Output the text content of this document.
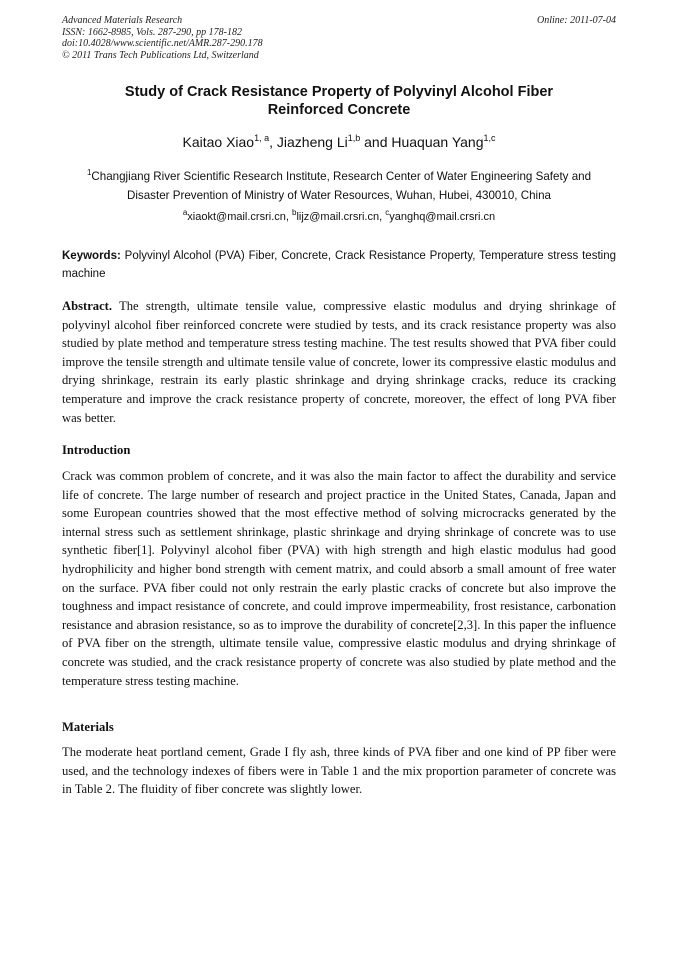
Advanced Materials Research
ISSN: 1662-8985, Vols. 287-290, pp 178-182
doi:10.4028/www.scientific.net/AMR.287-290.178
© 2011 Trans Tech Publications Ltd, Switzerland
Online: 2011-07-04
Study of Crack Resistance Property of Polyvinyl Alcohol Fiber
Reinforced Concrete
Kaitao Xiao$^{1, a}$, Jiazheng Li$^{1,b}$ and Huaquan Yang$^{1,c}$
$^1$Changjiang River Scientific Research Institute, Research Center of Water Engineering Safety and
Disaster Prevention of Ministry of Water Resources, Wuhan, Hubei, 430010, China
$^a$xiaokt@mail.crsri.cn, $^b$lijz@mail.crsri.cn, $^c$yanghq@mail.crsri.cn
Keywords: Polyvinyl Alcohol (PVA) Fiber, Concrete, Crack Resistance Property, Temperature stress testing machine
Abstract. The strength, ultimate tensile value, compressive elastic modulus and drying shrinkage of polyvinyl alcohol fiber reinforced concrete were studied by tests, and its crack resistance property was also studied by plate method and temperature stress testing machine. The test results showed that PVA fiber could improve the tensile strength and ultimate tensile value of concrete, lower its compressive elastic modulus and drying shrinkage, restrain its early plastic shrinkage and drying shrinkage cracks, reduce its cracking temperature and improve the crack resistance property of concrete, moreover, the effect of long PVA fiber was better.
Introduction
Crack was common problem of concrete, and it was also the main factor to affect the durability and service life of concrete. The large number of research and project practice in the United States, Canada, Japan and some European countries showed that the most effective method of solving microcracks generated by the internal stress such as settlement shrinkage, plastic shrinkage and drying shrinkage of concrete was to use synthetic fiber[1]. Polyvinyl alcohol fiber (PVA) with high strength and high elastic modulus had good hydrophilicity and higher bond strength with cement matrix, and could absorb a small amount of free water on the surface. PVA fiber could not only restrain the early plastic cracks of concrete but also improve the toughness and impact resistance of concrete, and could improve impermeability, frost resistance, carbonation resistance and abrasion resistance, so as to improve the durability of concrete[2,3]. In this paper the influence of PVA fiber on the strength, ultimate tensile value, compressive elastic modulus and drying shrinkage of concrete was studied, and the crack resistance property of concrete was also studied by plate method and the temperature stress testing machine.
Materials
The moderate heat portland cement, Grade I fly ash, three kinds of PVA fiber and one kind of PP fiber were used, and the technology indexes of fibers were in Table 1 and the mix proportion parameter of concrete was in Table 2. The fluidity of fiber concrete was slightly lower.
